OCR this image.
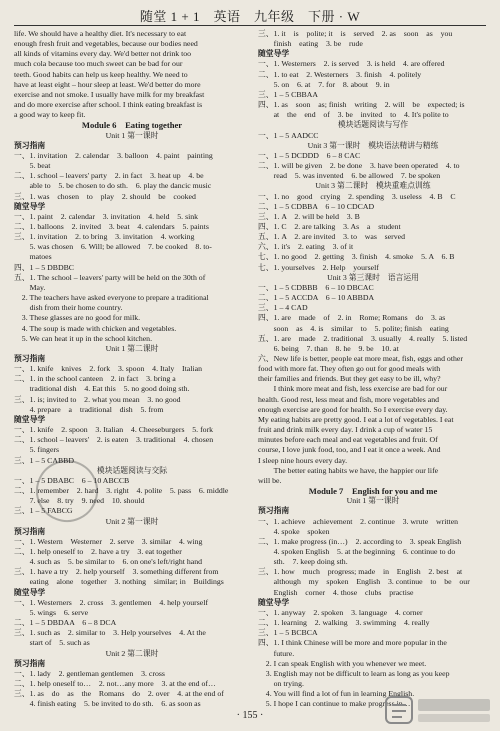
随堂 1 + 1　英语　九年级　下册 · W
life. We should have a healthy diet. It's necessary to eat
enough fresh fruit and vegetables, because our bodies need
all kinds of vitamins every day. We'd better not drink too
much cola because too much sweet can be bad for our
teeth. Good habits can help us keep healthy. We need to
have at least eight – hour sleep at least. We'd better do more
exercise and not smoke. I usually have milk for my breakfast
and do more exercise after school. I think eating breakfast is
a good way to keep fit.
Module 6　Eating together
Unit 1 第一课时
预习指南
一、1. invitation　2. calendar　3. balloon　4. paint　painting
　　5. beat
二、1. school – leavers' party　2. in fact　3. heat up　4. be
　　able to　5. be chosen to do sth.　6. play the dancic music
三、1. was　chosen　to　play　2. should　be　cooked
随堂导学
一、1. paint　2. calendar　3. invitation　4. held　5. sink
二、1. balloons　2. invited　3. beat　4. calendars　5. paints
三、1. invitation　2. to bring　3. invitation　4. working
　　5. was chosen　6. Will; be allowed　7. be cooked　8. to-
　　matoes
四、1 – 5 DBDBC
五、1. The school – leavers' party will be held on the 30th of
　　May.
　2. The teachers have asked everyone to prepare a traditional
　　dish from their home country.
　3. These glasses are no good for milk.
　4. The soup is made with chicken and vegetables.
　5. We can heat it up in the school kitchen.
Unit 1 第二课时
预习指南
一、1. knife　knives　2. fork　3. spoon　4. Italy　Italian
二、1. in the school canteen　2. in fact　3. bring a
　　traditional dish　4. Eat this　5. no good doing sth.
三、1. is; invited to　2. what you mean　3. no good
　　4. prepare　a　traditional　dish　5. from
随堂导学
一、1. knife　2. spoon　3. Italian　4. Cheeseburgers　5. fork
二、1. school – leavers'　2. is eaten　3. traditional　4. chosen
　　5. fingers
三、1 – 5 CABBD
模块话题阅读与交际
一、1 – 5 DBABC　6 – 10 ABCCB
二、1. remember　2. hard　3. right　4. polite　5. pass　6. middle
　　7. else　8. try　9. need　10. should
三、1 – 5 FABCG
Unit 2 第一课时
预习指南
一、1. Western　Westerner　2. serve　3. similar　4. wing
二、1. help oneself to　2. have a try　3. eat together
　　4. such as　5. be similar to　6. on one's left/right hand
三、1. have a try　2. help yourself　3. something different from
　　eating　alone　together　3. nothing　similar; in　Buildings
随堂导学
一、1. Westerners　2. cross　3. gentlemen　4. help yourself
　　5. wings　6. serve
二、1 – 5 DBDAA　6 – 8 DCA
三、1. such as　2. similar to　3. Help yourselves　4. At the
　　start of　5. such as
Unit 2 第二课时
预习指南
一、1. lady　2. gentleman gentlemen　3. cross
二、1. help oneself to…　2. not…any more　3. at the end of…
三、1. as　do　as　the　Romans　do　2. over　4. at the end of
　　4. finish eating　5. be invited to do sth.　6. as soon as
三、1. it　is　polite; it　is　served　2. as　soon　as　you
　　finish　eating　3. be　rude
随堂导学
一、1. Westerners　2. is served　3. is held　4. are offered
二、1. to eat　2. Westerners　3. finish　4. politely
　　5. on　6. at　7. for　8. about　9. in
三、1 – 5 CBBAA
四、1. as　soon　as; finish　writing　2. will　be　expected; is
　　at　the　end　of　3. be　invited　to　4. It's polite to
模块话题阅读与写作
一、1 – 5 AADCC
Unit 3 第一课时　模块语法精讲与精练
一、1 – 5 DCDDD　6 – 8 CAC
二、1. will be given　2. be done　3. have been operated　4. to
　　read　5. was invented　6. be allowed　7. be spoken
Unit 3 第二课时　模块重难点训练
一、1. no　good　crying　2. spending　3. useless　4. B　C
二、1 – 5 CDBBA　6 – 10 CDCAD
三、1. A　2. will be held　3. B
四、1. C　2. are talking　3. As　a　student
五、1. A　2. are invited　3. to　was　served
六、1. it's　2. eating　3. of it
七、1. no good　2. getting　3. finish　4. smoke　5. A　6. B
七、1. yourselves　2. Help　yourself
Unit 3 第三课时　语言运用
一、1 – 5 CDBBB　6 – 10 DBCAC
二、1 – 5 ACCDA　6 – 10 ABBDA
三、1 – 4 CAD
四、1. are　made　of　2. in　Rome; Romans　do　3. as
　　soon　as　4. is　similar　to　5. polite; finish　eating
五、1. are　made　2. traditional　3. usually　4. really　5. listed
　　6. being　7. than　8. he　9. be　10. at
六、New life is better, people eat more meat, fish, eggs and other
food with more fat. They often go out for good meals with
their families and friends. But they get easy to be ill, why?
　　I think more meat and fish, less exercise are bad for our
health. Good rest, less meat and fish, more vegetables and
enough exercise are good for health. So I exercise every day.
My eating habits are pretty good. I eat a lot of vegetables. I eat
fruit and drink milk every day. I drink a cup of water 15
minutes before each meal and eat vegetables and fruit. Of
course, I love junk food, too, and I eat it once a week. And
I sleep nine hours every day.
　　The better eating habits we have, the happier our life
will be.
Module 7　English for you and me
Unit 1 第一课时
预习指南
一、1. achieve　achievement　2. continue　3. wrute　written
　　4. spoke　spoken
二、1. make progress (in…)　2. according to　3. speak English
　　4. spoken English　5. at the beginning　6. continue to do
　　sth.　7. keep doing sth.
三、1. how　much　progress; made　in　English　2. best　at
　　although　my　spoken　English　3. continue　to　be　our
　　English　corner　4. those　clubs　practise
随堂导学
一、1. anyway　2. spoken　3. language　4. corner
二、1. learning　2. walking　3. swimming　4. really
三、1 – 5 BCBCA
四、1. I think Chinese will be more and more popular in the
　　future.
　2. I can speak English with you whenever we meet.
　3. English may not be difficult to learn as long as you keep
　　on trying.
　4. You will find a lot of fun in learning English.
　5. I hope I can continue to make progress in…
· 155 ·
